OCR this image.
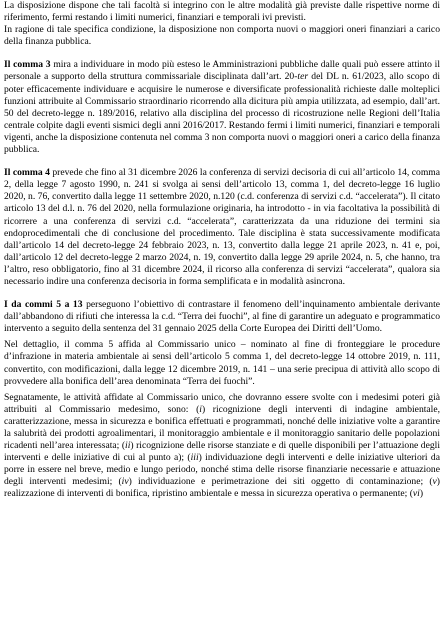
La disposizione dispone che tali facoltà si integrino con le altre modalità già previste dalle rispettive norme di riferimento, fermi restando i limiti numerici, finanziari e temporali ivi previsti.

In ragione di tale specifica condizione, la disposizione non comporta nuovi o maggiori oneri finanziari a carico della finanza pubblica.

Il comma 3 mira a individuare in modo più esteso le Amministrazioni pubbliche dalle quali può essere attinto il personale a supporto della struttura commissariale disciplinata dall’art. 20-ter del DL n. 61/2023, allo scopo di poter efficacemente individuare e acquisire le numerose e diversificate professionalità richieste dalle molteplici funzioni attribuite al Commissario straordinario ricorrendo alla dicitura più ampia utilizzata, ad esempio, dall’art. 50 del decreto-legge n. 189/2016, relativo alla disciplina del processo di ricostruzione nelle Regioni dell’Italia centrale colpite dagli eventi sismici degli anni 2016/2017. Restando fermi i limiti numerici, finanziari e temporali vigenti, anche la disposizione contenuta nel comma 3 non comporta nuovi o maggiori oneri a carico della finanza pubblica.

Il comma 4 prevede che fino al 31 dicembre 2026 la conferenza di servizi decisoria di cui all’articolo 14, comma 2, della legge 7 agosto 1990, n. 241 si svolga ai sensi dell’articolo 13, comma 1, del decreto-legge 16 luglio 2020, n. 76, convertito dalla legge 11 settembre 2020, n.120 (c.d. conferenza di servizi c.d. “accelerata”). Il citato articolo 13 del d.l. n. 76 del 2020, nella formulazione originaria, ha introdotto - in via facoltativa la possibilità di ricorrere a una conferenza di servizi c.d. “accelerata”, caratterizzata da una riduzione dei termini sia endoprocedimentali che di conclusione del procedimento. Tale disciplina è stata successivamente modificata dall’articolo 14 del decreto-legge 24 febbraio 2023, n. 13, convertito dalla legge 21 aprile 2023, n. 41 e, poi, dall’articolo 12 del decreto-legge 2 marzo 2024, n. 19, convertito dalla legge 29 aprile 2024, n. 5, che hanno, tra l’altro, reso obbligatorio, fino al 31 dicembre 2024, il ricorso alla conferenza di servizi “accelerata”, qualora sia necessario indire una conferenza decisoria in forma semplificata e in modalità asincrona.

I da commi 5 a 13 perseguono l’obiettivo di contrastare il fenomeno dell’inquinamento ambientale derivante dall’abbandono di rifiuti che interessa la c.d. “Terra dei fuochi”, al fine di garantire un adeguato e programmatico intervento a seguito della sentenza del 31 gennaio 2025 della Corte Europea dei Diritti dell’Uomo.

Nel dettaglio, il comma 5 affida al Commissario unico – nominato al fine di fronteggiare le procedure d’infrazione in materia ambientale ai sensi dell’articolo 5 comma 1, del decreto-legge 14 ottobre 2019, n. 111, convertito, con modificazioni, dalla legge 12 dicembre 2019, n. 141 – una serie precipua di attività allo scopo di provvedere alla bonifica dell’area denominata “Terra dei fuochi”.

Segnatamente, le attività affidate al Commissario unico, che dovranno essere svolte con i medesimi poteri già attribuiti al Commissario medesimo, sono: (i) ricognizione degli interventi di indagine ambientale, caratterizzazione, messa in sicurezza e bonifica effettuati e programmati, nonché delle iniziative volte a garantire la salubrità dei prodotti agroalimentari, il monitoraggio ambientale e il monitoraggio sanitario delle popolazioni ricadenti nell’area interessata; (ii) ricognizione delle risorse stanziate e di quelle disponibili per l’attuazione degli interventi e delle iniziative di cui al punto a); (iii) individuazione degli interventi e delle iniziative ulteriori da porre in essere nel breve, medio e lungo periodo, nonché stima delle risorse finanziarie necessarie e attuazione degli interventi medesimi; (iv) individuazione e perimetrazione dei siti oggetto di contaminazione; (v) realizzazione di interventi di bonifica, ripristino ambientale e messa in sicurezza operativa o permanente; (vi)
